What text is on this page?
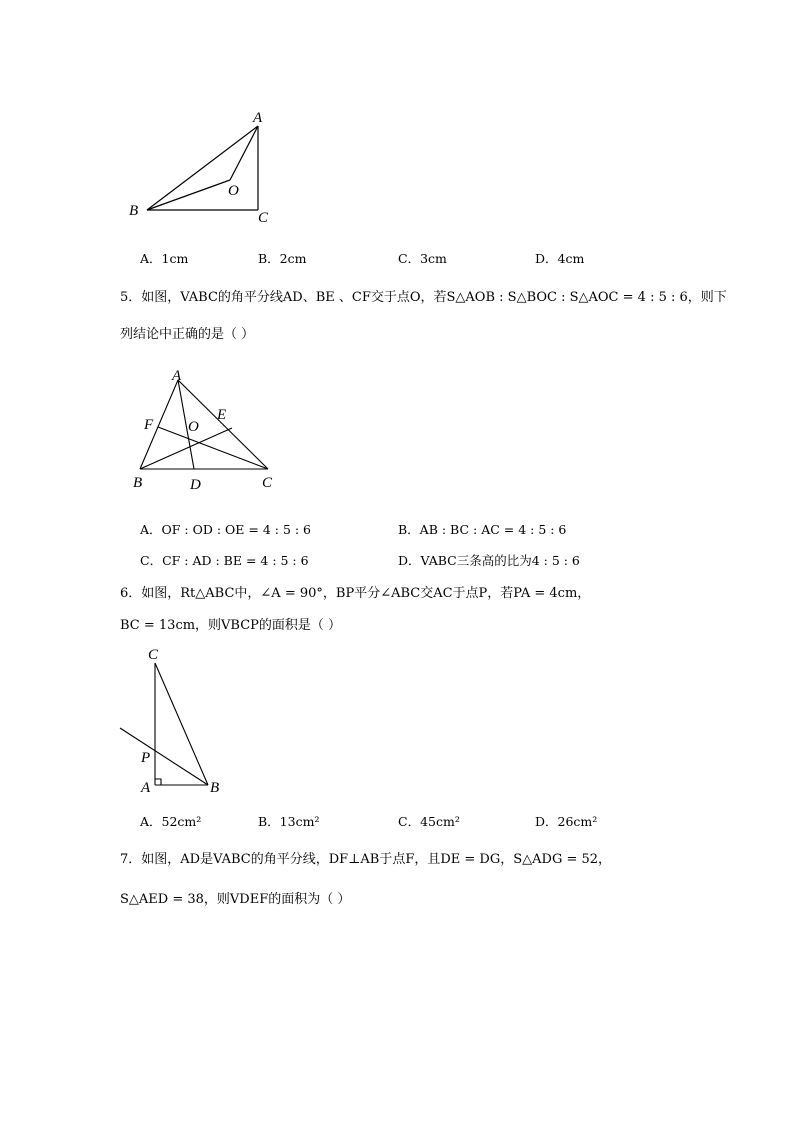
A
B	C
O
A．1cm	B．2cm	C．3cm	D．4cm
5．如图，VABC的角平分线AD、BE 、CF交于点O，若S△AOB : S△BOC : S△AOC = 4 : 5 : 6，则下
列结论中正确的是（ ）
A
B	C
D
E
F O
A．OF : OD : OE = 4 : 5 : 6	B．AB : BC : AC = 4 : 5 : 6
C．CF : AD : BE = 4 : 5 : 6	D．VABC三条高的比为4 : 5 : 6
6．如图，Rt△ABC中，∠A = 90°，BP平分∠ABC交AC于点P，若PA = 4cm，
BC = 13cm，则VBCP的面积是（ ）
C
P
A	B
A．52cm²	B．13cm²	C．45cm²	D．26cm²
7．如图，AD是VABC的角平分线，DF⊥AB于点F，且DE = DG，S△ADG = 52，
S△AED = 38，则VDEF的面积为（ ）
